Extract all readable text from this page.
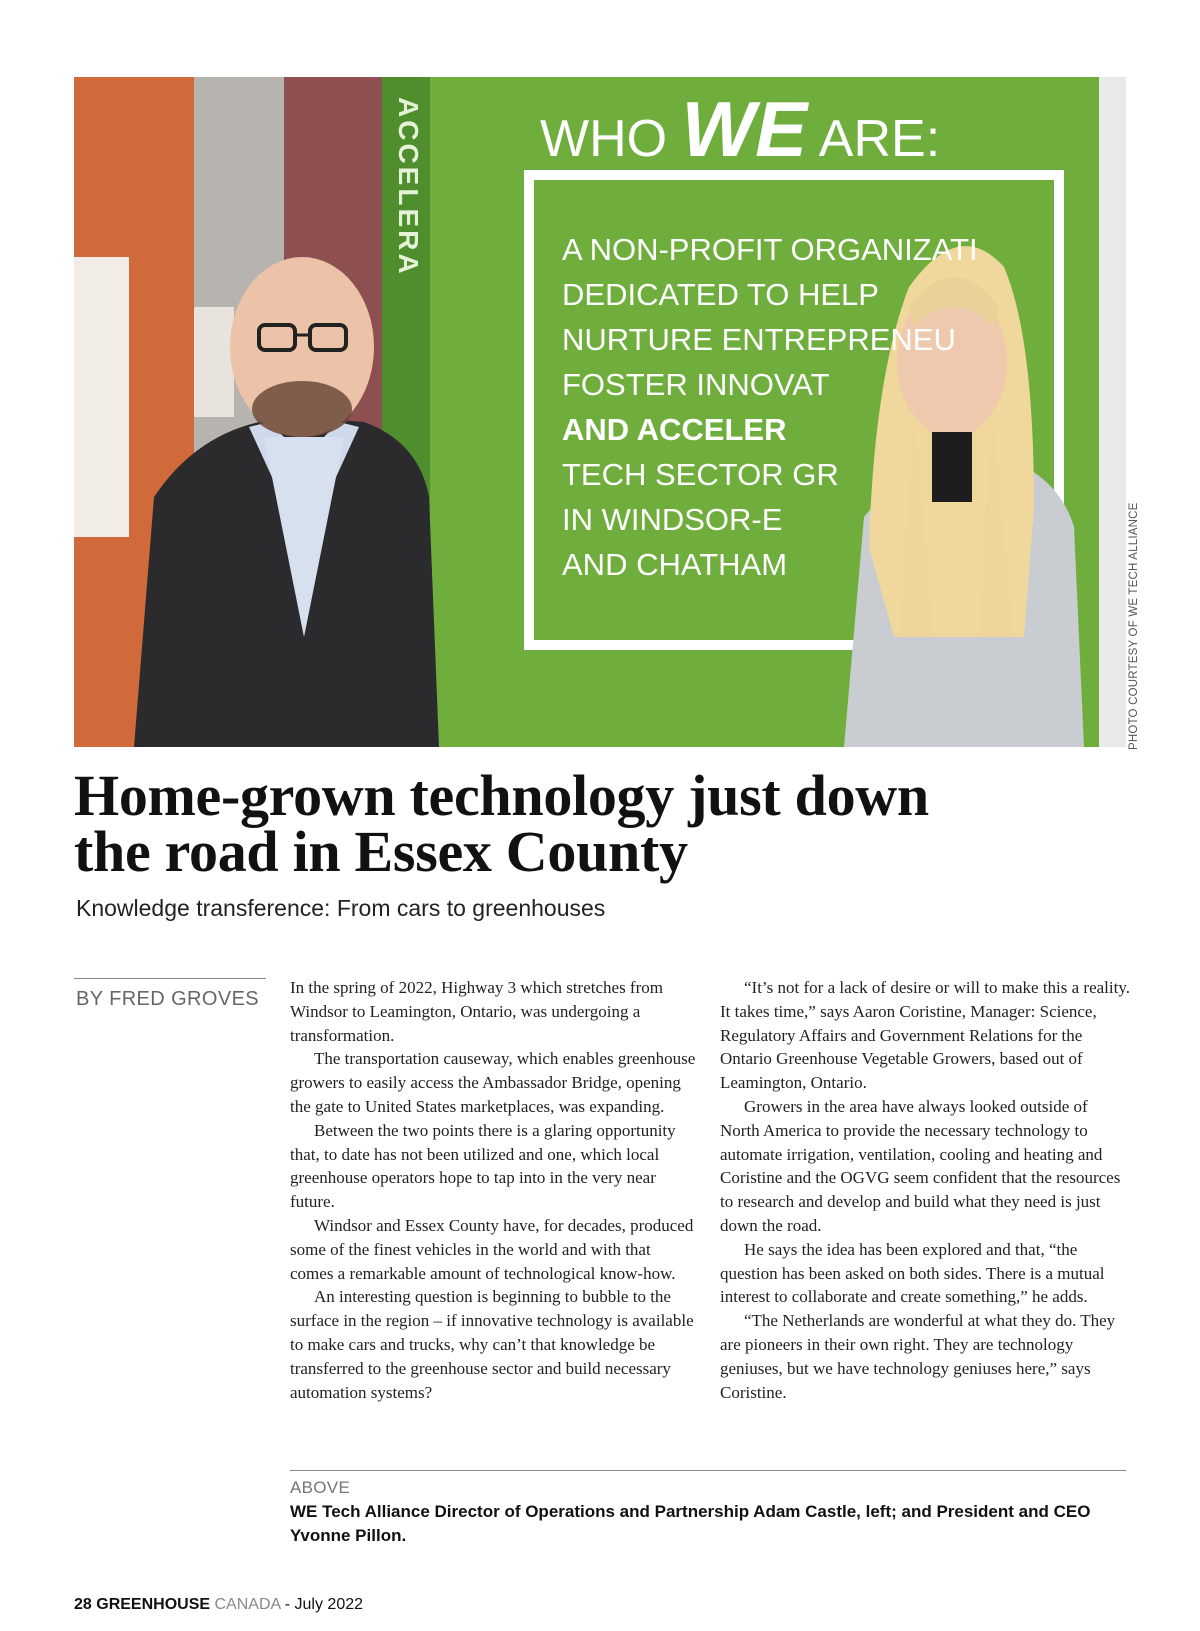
WHO WE ARE:
A NON-PROFIT ORGANIZATI
DEDICATED TO HELP
NURTURE ENTREPRENEU
FOSTER INNOVAT
AND ACCELER
TECH SECTOR GR
IN WINDSOR-E
AND CHATHAM
ACCELERA
PHOTO COURTESY OF WE TECH ALLIANCE
Home-grown technology just down
the road in Essex County

Knowledge transference: From cars to greenhouses

BY FRED GROVES

In the spring of 2022, Highway 3 which stretches from Windsor to Leamington, Ontario, was undergoing a transformation.

The transportation causeway, which enables greenhouse growers to easily access the Ambassador Bridge, opening the gate to United States marketplaces, was expanding.

Between the two points there is a glaring opportunity that, to date has not been utilized and one, which local greenhouse operators hope to tap into in the very near future.

Windsor and Essex County have, for decades, produced some of the finest vehicles in the world and with that comes a remarkable amount of technological know-how.

An interesting question is beginning to bubble to the surface in the region – if innovative technology is available to make cars and trucks, why can’t that knowledge be transferred to the greenhouse sector and build necessary automation systems?

“It’s not for a lack of desire or will to make this a reality. It takes time,” says Aaron Coristine, Manager: Science, Regulatory Affairs and Government Relations for the Ontario Greenhouse Vegetable Growers, based out of Leamington, Ontario.

Growers in the area have always looked outside of North America to provide the necessary technology to automate irrigation, ventilation, cooling and heating and Coristine and the OGVG seem confident that the resources to research and develop and build what they need is just down the road.

He says the idea has been explored and that, “the question has been asked on both sides. There is a mutual interest to collaborate and create something,” he adds.

“The Netherlands are wonderful at what they do. They are pioneers in their own right. They are technology geniuses, but we have technology geniuses here,” says Coristine.

ABOVE
WE Tech Alliance Director of Operations and Partnership Adam Castle, left; and President and CEO Yvonne Pillon.
28 GREENHOUSE CANADA - July 2022
